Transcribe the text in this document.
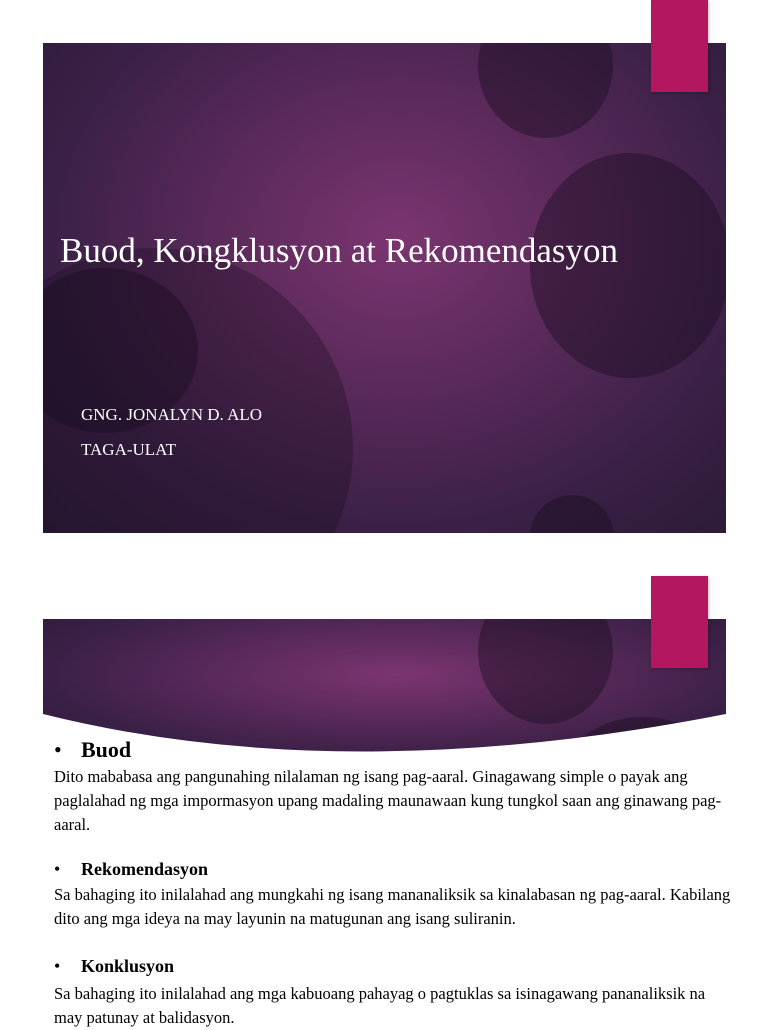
Buod, Kongklusyon at Rekomendasyon

GNG. JONALYN D. ALO

TAGA-ULAT

• Buod

Dito mababasa ang pangunahing nilalaman ng isang pag-aaral. Ginagawang simple o payak ang paglalahad ng mga impormasyon upang madaling maunawaan kung tungkol saan ang ginawang pag-aaral.

• Rekomendasyon

Sa bahaging ito inilalahad ang mungkahi ng isang mananaliksik sa kinalabasan ng pag-aaral. Kabilang dito ang mga ideya na may layunin na matugunan ang isang suliranin.

• Konklusyon

Sa bahaging ito inilalahad ang mga kabuoang pahayag o pagtuklas sa isinagawang pananaliksik na may patunay at balidasyon.
